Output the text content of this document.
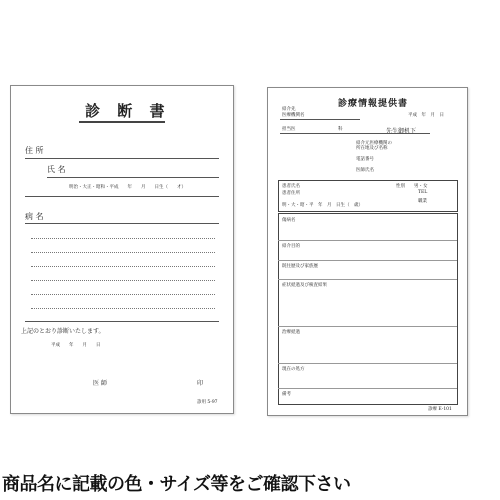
診 断 書
住 所
氏 名
明治・大正・昭和・平成　　年　　月　　日生（　　才）
病 名
上記のとおり診断いたします。
平成　　年　　月　　日
医 師	印
診用 5-97
診療情報提供書
紹介先
医療機関名	平成　年　月　日
担当医	科	先生御机下
紹介元医療機関の
所在地及び名称
電話番号
医師氏名
患者氏名	性別 男・女
患者住所	TEL
明・大・昭・平　年　月　日生（　歳）
職業
傷病名
紹介目的
既往歴及び家族歴
症状経過及び検査結果
治療経過
現在の処方
備考
診療 E-101
商品名に記載の色・サイズ等をご確認下さい
